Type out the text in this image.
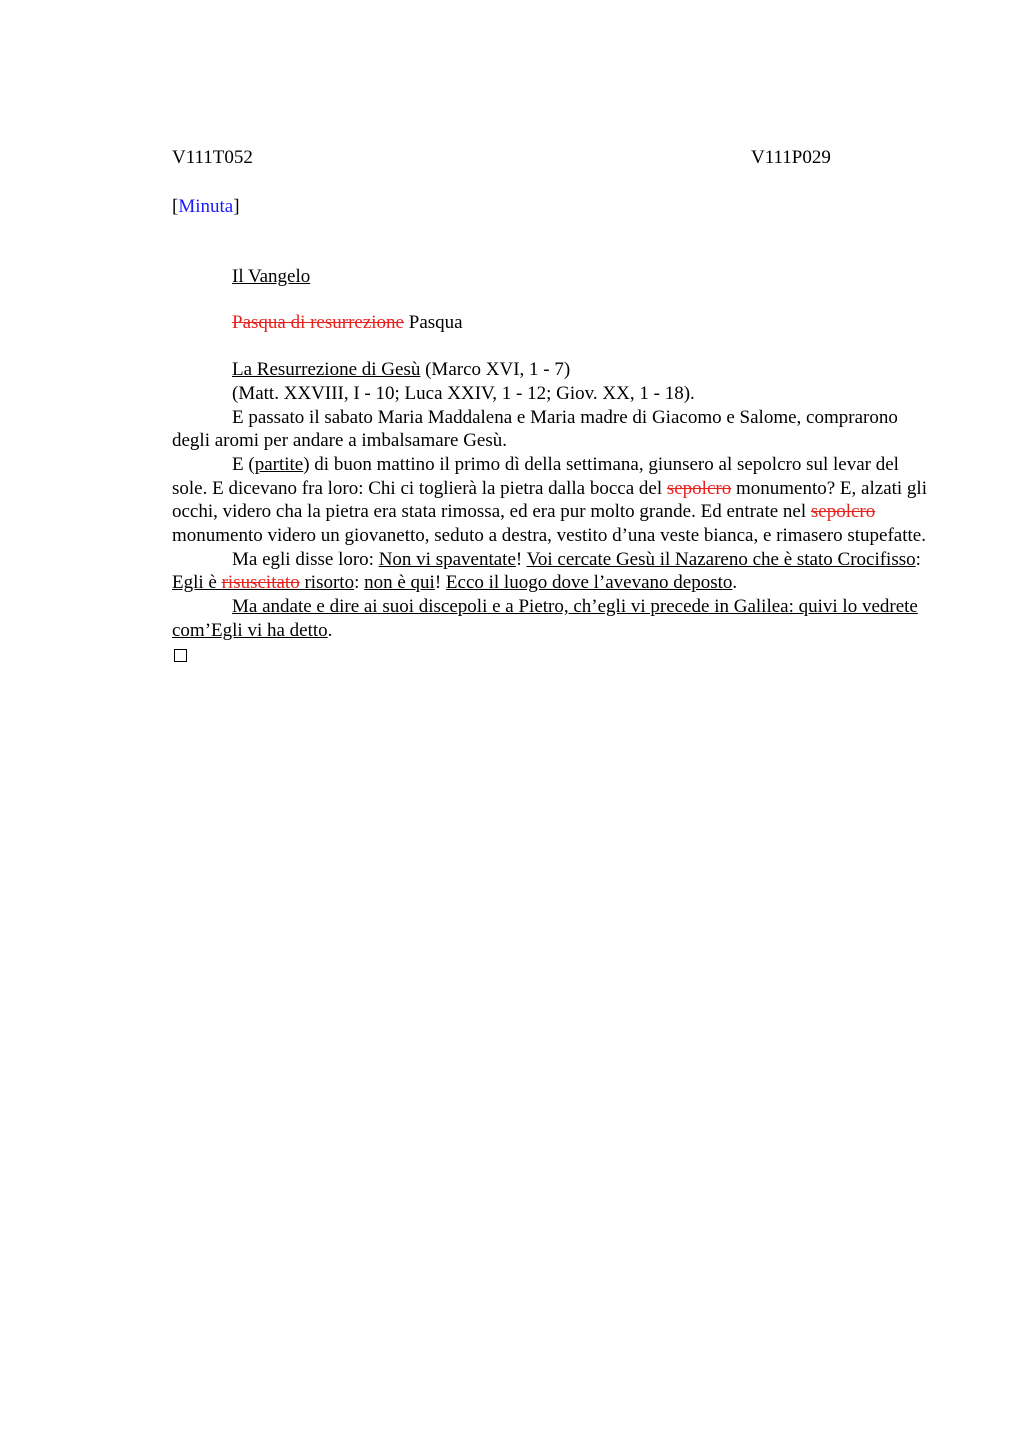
V111T052	V111P029
[Minuta]
Il Vangelo
Pasqua di resurrezione Pasqua
La Resurrezione di Gesù (Marco XVI, 1 - 7)
(Matt. XXVIII, I - 10; Luca XXIV, 1 - 12; Giov. XX, 1 - 18).

E passato il sabato Maria Maddalena e Maria madre di Giacomo e Salome, comprarono degli aromi per andare a imbalsamare Gesù.

E (partite) di buon mattino il primo dì della settimana, giunsero al sepolcro sul levar del sole. E dicevano fra loro: Chi ci toglierà la pietra dalla bocca del sepolcro monumento? E, alzati gli occhi, videro cha la pietra era stata rimossa, ed era pur molto grande. Ed entrate nel sepolcro monumento videro un giovanetto, seduto a destra, vestito d’una veste bianca, e rimasero stupefatte.

Ma egli disse loro: Non vi spaventate! Voi cercate Gesù il Nazareno che è stato Crocifisso: Egli è risuscitato risorto: non è qui! Ecco il luogo dove l’avevano deposto.

Ma andate e dire ai suoi discepoli e a Pietro, ch’egli vi precede in Galilea: quivi lo vedrete com’Egli vi ha detto.
